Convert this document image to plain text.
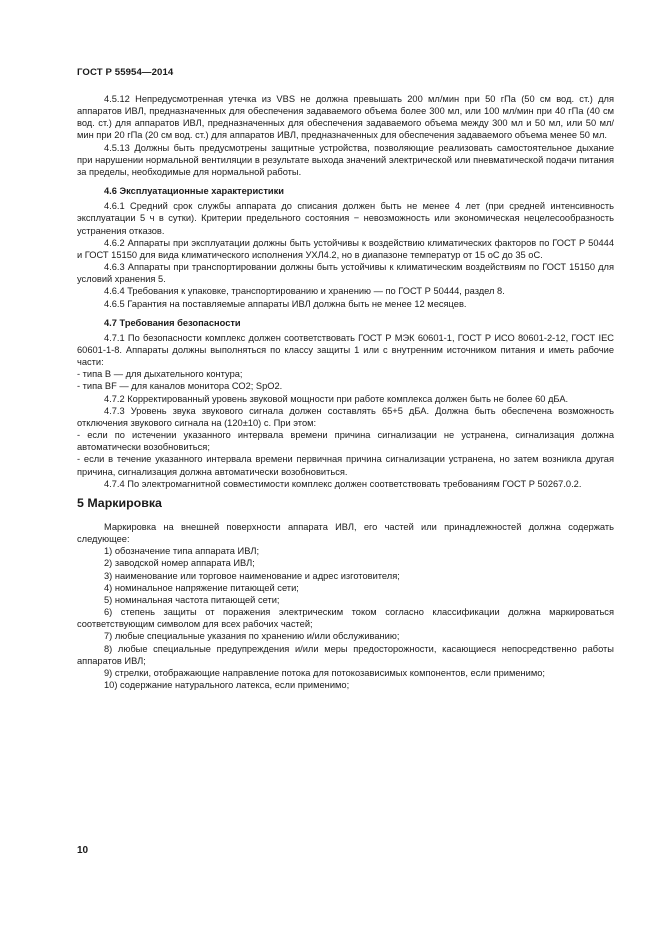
ГОСТ Р 55954—2014

4.5.12 Непредусмотренная утечка из VBS не должна превышать 200 мл/мин при 50 гПа (50 см вод. ст.) для аппаратов ИВЛ, предназначенных для обеспечения задаваемого объема более 300 мл, или 100 мл/мин при 40 гПа (40 см вод. ст.) для аппаратов ИВЛ, предназначенных для обеспечения задаваемого объема между 300 мл и 50 мл, или 50 мл/мин при 20 гПа (20 см вод. ст.) для аппаратов ИВЛ, предназначенных для обеспечения задаваемого объема менее 50 мл.

4.5.13 Должны быть предусмотрены защитные устройства, позволяющие реализовать самостоятельное дыхание при нарушении нормальной вентиляции в результате выхода значений электрической или пневматической подачи питания за пределы, необходимые для нормальной работы.

4.6 Эксплуатационные характеристики

4.6.1 Средний срок службы аппарата до списания должен быть не менее 4 лет (при средней интенсивность эксплуатации 5 ч в сутки). Критерии предельного состояния − невозможность или экономическая нецелесообразность устранения отказов.

4.6.2 Аппараты при эксплуатации должны быть устойчивы к воздействию климатических факторов по ГОСТ Р 50444 и ГОСТ 15150 для вида климатического исполнения УХЛ4.2, но в диапазоне температур от 15 оС до 35 оС.

4.6.3 Аппараты при транспортировании должны быть устойчивы к климатическим воздействиям по ГОСТ 15150 для условий хранения 5.

4.6.4 Требования к упаковке, транспортированию и хранению — по ГОСТ Р 50444, раздел 8.

4.6.5 Гарантия на поставляемые аппараты ИВЛ должна быть не менее 12 месяцев.

4.7 Требования безопасности

4.7.1 По безопасности комплекс должен соответствовать ГОСТ Р МЭК 60601-1, ГОСТ Р ИСО 80601-2-12, ГОСТ IEC 60601-1-8. Аппараты должны выполняться по классу защиты 1 или с внутренним источником питания и иметь рабочие части:

- типа В — для дыхательного контура;

- типа BF — для каналов монитора СО2; SpO2.

4.7.2 Корректированный уровень звуковой мощности при работе комплекса должен быть не более 60 дБА.

4.7.3 Уровень звука звукового сигнала должен составлять 65+5 дБА. Должна быть обеспечена возможность отключения звукового сигнала на (120±10) с. При этом:

- если по истечении указанного интервала времени причина сигнализации не устранена, сигнализация должна автоматически возобновиться;

- если в течение указанного интервала времени первичная причина сигнализации устранена, но затем возникла другая причина, сигнализация должна автоматически возобновиться.

4.7.4 По электромагнитной совместимости комплекс должен соответствовать требованиям ГОСТ Р 50267.0.2.

5 Маркировка

Маркировка на внешней поверхности аппарата ИВЛ, его частей или принадлежностей должна содержать следующее:

1) обозначение типа аппарата ИВЛ;

2) заводской номер аппарата ИВЛ;

3) наименование или торговое наименование и адрес изготовителя;

4) номинальное напряжение питающей сети;

5) номинальная частота питающей сети;

6) степень защиты от поражения электрическим током согласно классификации должна маркироваться соответствующим символом для всех рабочих частей;

7) любые специальные указания по хранению и/или обслуживанию;

8) любые специальные предупреждения и/или меры предосторожности, касающиеся непосредственно работы аппаратов ИВЛ;

9) стрелки, отображающие направление потока для потокозависимых компонентов, если применимо;

10) содержание натурального латекса, если применимо;

10
